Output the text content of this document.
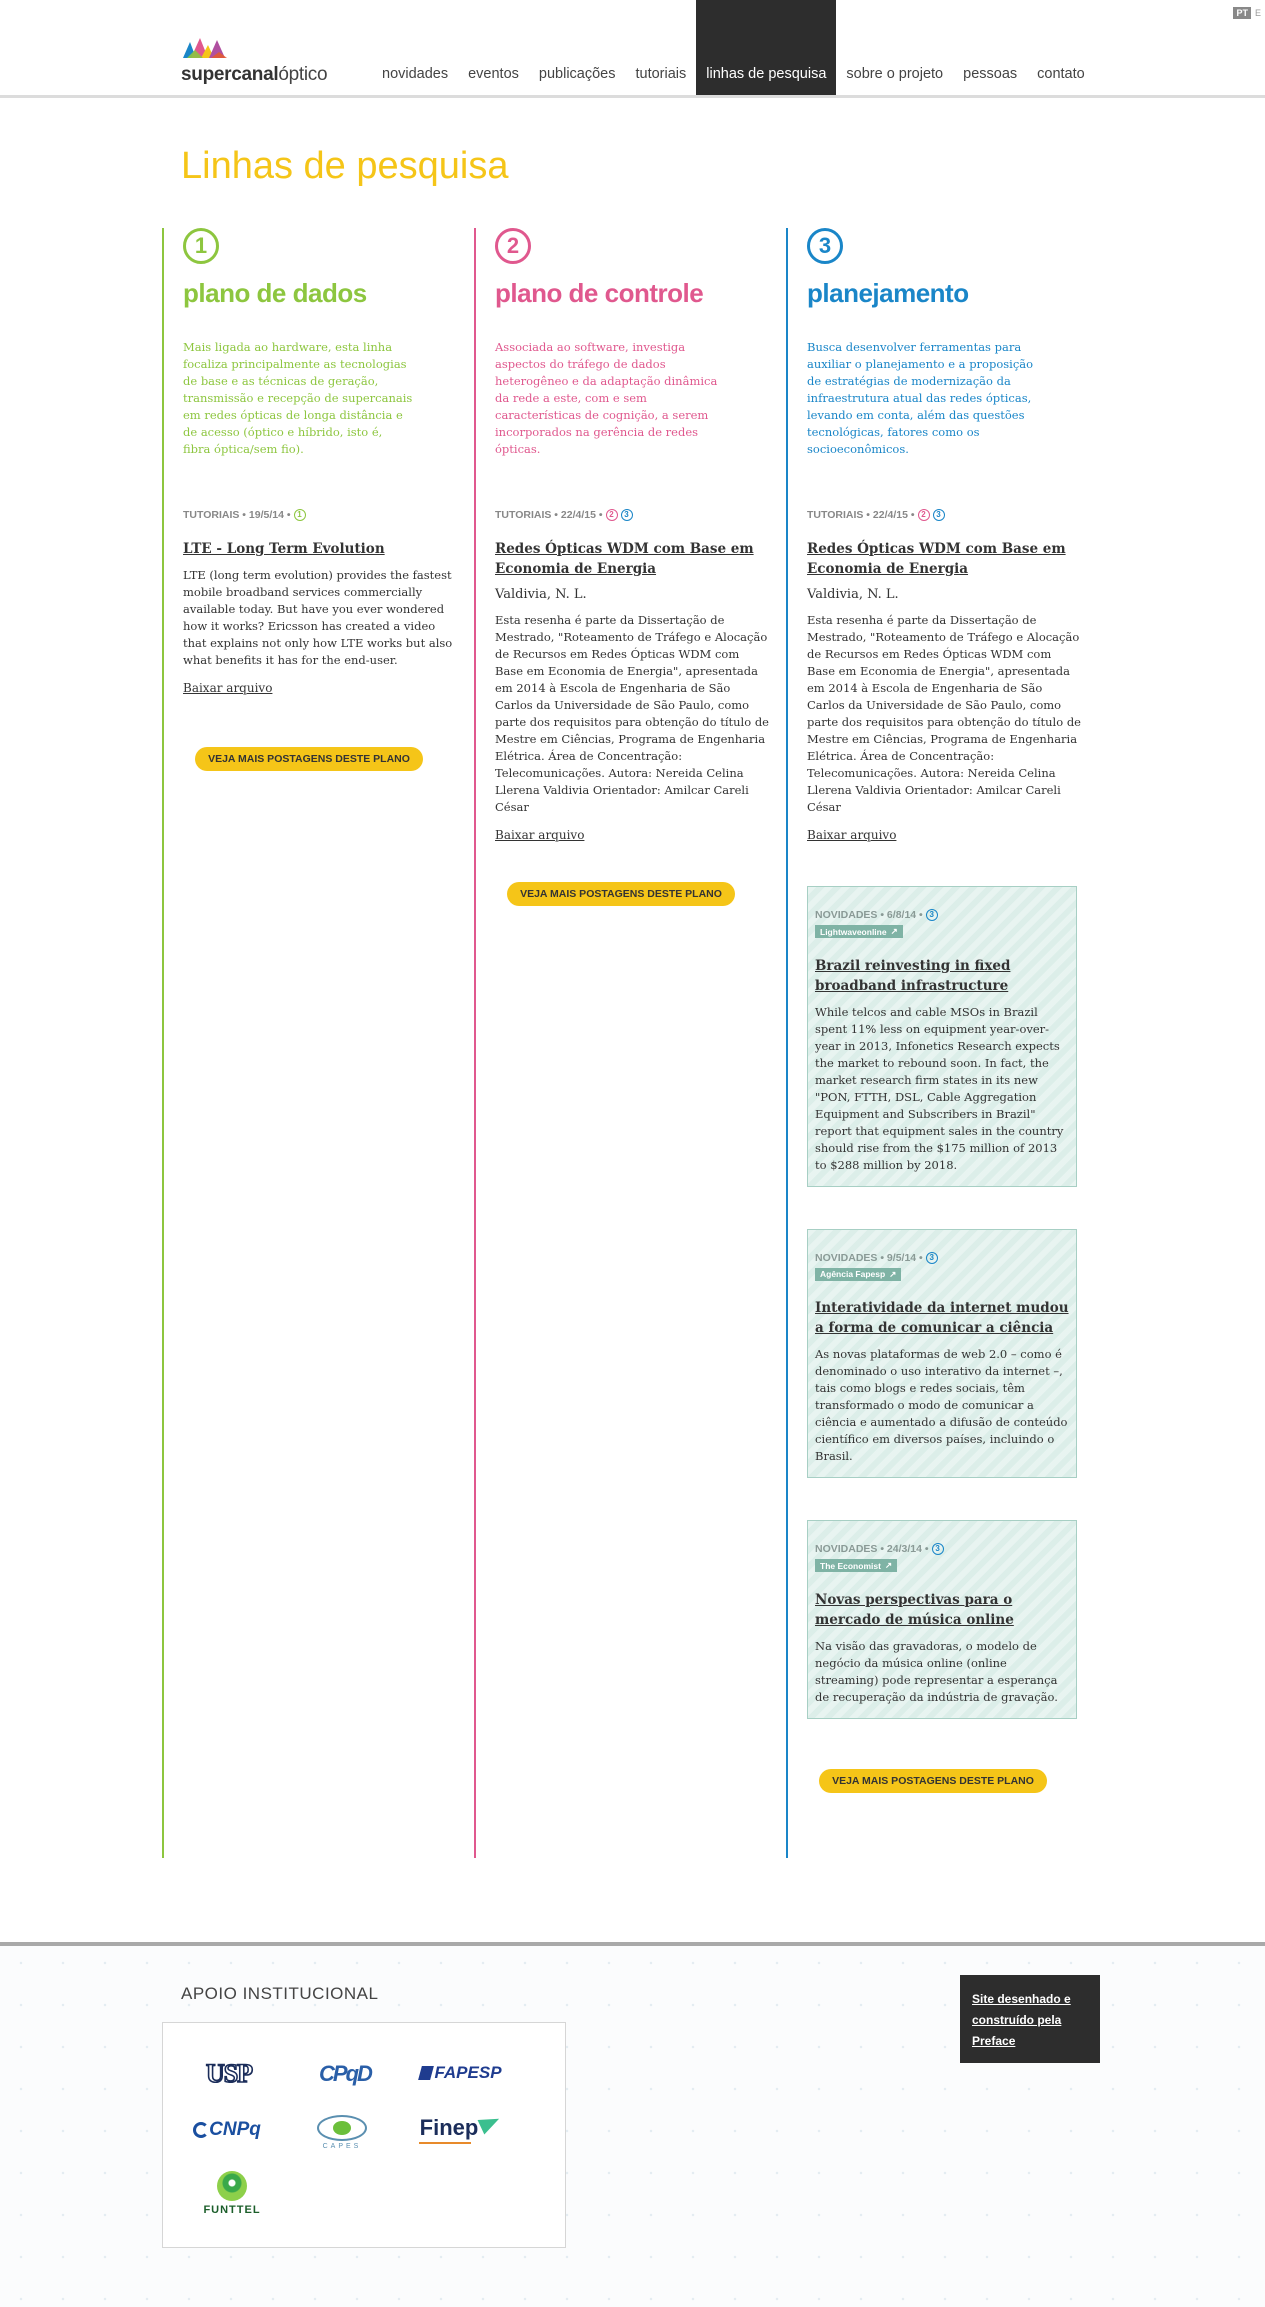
PT E
supercanalóptico	novidades	eventos	publicações	tutoriais	linhas de pesquisa	sobre o projeto	pessoas	contato
Linhas de pesquisa
1
plano de dados

Mais ligada ao hardware, esta linha focaliza principalmente as tecnologias de base e as técnicas de geração, transmissão e recepção de supercanais em redes ópticas de longa distância e de acesso (óptico e híbrido, isto é, fibra óptica/sem fio).

TUTORIAIS • 19/5/14 • 1
LTE - Long Term Evolution

LTE (long term evolution) provides the fastest mobile broadband services commercially available today. But have you ever wondered how it works? Ericsson has created a video that explains not only how LTE works but also what benefits it has for the end-user.

Baixar arquivo
VEJA MAIS POSTAGENS DESTE PLANO
2
plano de controle

Associada ao software, investiga aspectos do tráfego de dados heterogêneo e da adaptação dinâmica da rede a este, com e sem características de cognição, a serem incorporados na gerência de redes ópticas.

TUTORIAIS • 22/4/15 • 2	3
Redes Ópticas WDM com Base em Economia de Energia
Valdivia, N. L.

Esta resenha é parte da Dissertação de Mestrado, "Roteamento de Tráfego e Alocação de Recursos em Redes Ópticas WDM com Base em Economia de Energia", apresentada em 2014 à Escola de Engenharia de São Carlos da Universidade de São Paulo, como parte dos requisitos para obtenção do título de Mestre em Ciências, Programa de Engenharia Elétrica. Área de Concentração: Telecomunicações. Autora: Nereida Celina Llerena Valdivia Orientador: Amilcar Careli César

Baixar arquivo
VEJA MAIS POSTAGENS DESTE PLANO
3
planejamento

Busca desenvolver ferramentas para auxiliar o planejamento e a proposição de estratégias de modernização da infraestrutura atual das redes ópticas, levando em conta, além das questões tecnológicas, fatores como os socioeconômicos.

TUTORIAIS • 22/4/15 • 2	3
Redes Ópticas WDM com Base em Economia de Energia
Valdivia, N. L.

Esta resenha é parte da Dissertação de Mestrado, "Roteamento de Tráfego e Alocação de Recursos em Redes Ópticas WDM com Base em Economia de Energia", apresentada em 2014 à Escola de Engenharia de São Carlos da Universidade de São Paulo, como parte dos requisitos para obtenção do título de Mestre em Ciências, Programa de Engenharia Elétrica. Área de Concentração: Telecomunicações. Autora: Nereida Celina Llerena Valdivia Orientador: Amilcar Careli César

Baixar arquivo
NOVIDADES • 6/8/14 • 3
Lightwaveonline ↗
Brazil reinvesting in fixed broadband infrastructure

While telcos and cable MSOs in Brazil spent 11% less on equipment year-over-year in 2013, Infonetics Research expects the market to rebound soon. In fact, the market research firm states in its new "PON, FTTH, DSL, Cable Aggregation Equipment and Subscribers in Brazil" report that equipment sales in the country should rise from the $175 million of 2013 to $288 million by 2018.

NOVIDADES • 9/5/14 • 3
Agência Fapesp ↗
Interatividade da internet mudou a forma de comunicar a ciência

As novas plataformas de web 2.0 – como é denominado o uso interativo da internet –, tais como blogs e redes sociais, têm transformado o modo de comunicar a ciência e aumentado a difusão de conteúdo científico em diversos países, incluindo o Brasil.

NOVIDADES • 24/3/14 • 3
The Economist ↗
Novas perspectivas para o mercado de música online

Na visão das gravadoras, o modelo de negócio da música online (online streaming) pode representar a esperança de recuperação da indústria de gravação.

VEJA MAIS POSTAGENS DESTE PLANO
APOIO INSTITUCIONAL
USP	CPqD	FAPESP
CNPq
CAPES
Finep
FUNTTEL
Site desenhado e
construído pela
Preface
